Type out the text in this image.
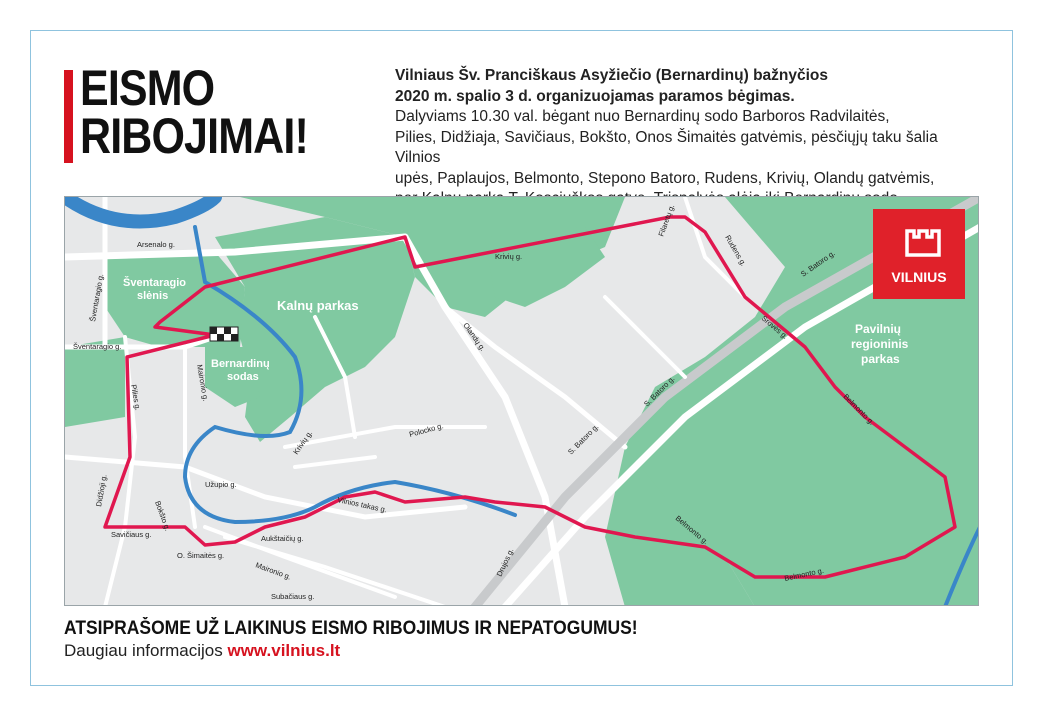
EISMO
RIBOJIMAI!
Vilniaus Šv. Pranciškaus Asyžiečio (Bernardinų) bažnyčios
2020 m. spalio 3 d. organizuojamas paramos bėgimas.
Dalyviams 10.30 val. bėgant nuo Bernardinų sodo Barboros Radvilaitės,
Pilies, Didžiaja, Savičiaus, Bokšto, Onos Šimaitės gatvėmis, pėsčiųjų taku šalia Vilnios
upės, Paplaujos, Belmonto, Stepono Batoro, Rudens, Krivių, Olandų gatvėmis,
Kalnų parkas
Šventaragio
slėnis
Bernardinų
sodas
Pavilnių
regioninis
parkas
Arsenalo g.
Šventaragio g.
Šventaragio g.
Krivių g.
Krivių g.
Olandų g.
Filaretų g.
Rudens g.	S. Batoro g.
S. Batoro g.
S. Batoro g.
Srovės g.
Belmonto g.
Belmonto g.
Belmonto g.
Pilies g.	Maironio g.
Maironio g.
Polocko g.
Užupio g.
Didžioji g.
Bokšto g.
Savičiaus g.
O. Šimaitės g.
Aukštaičių g.
Vilnios takas g.
Drujos g.
Subačiaus g.
VILNIUS
ATSIPRAŠOME UŽ LAIKINUS EISMO RIBOJIMUS IR NEPATOGUMUS!
Daugiau informacijos www.vilnius.lt
